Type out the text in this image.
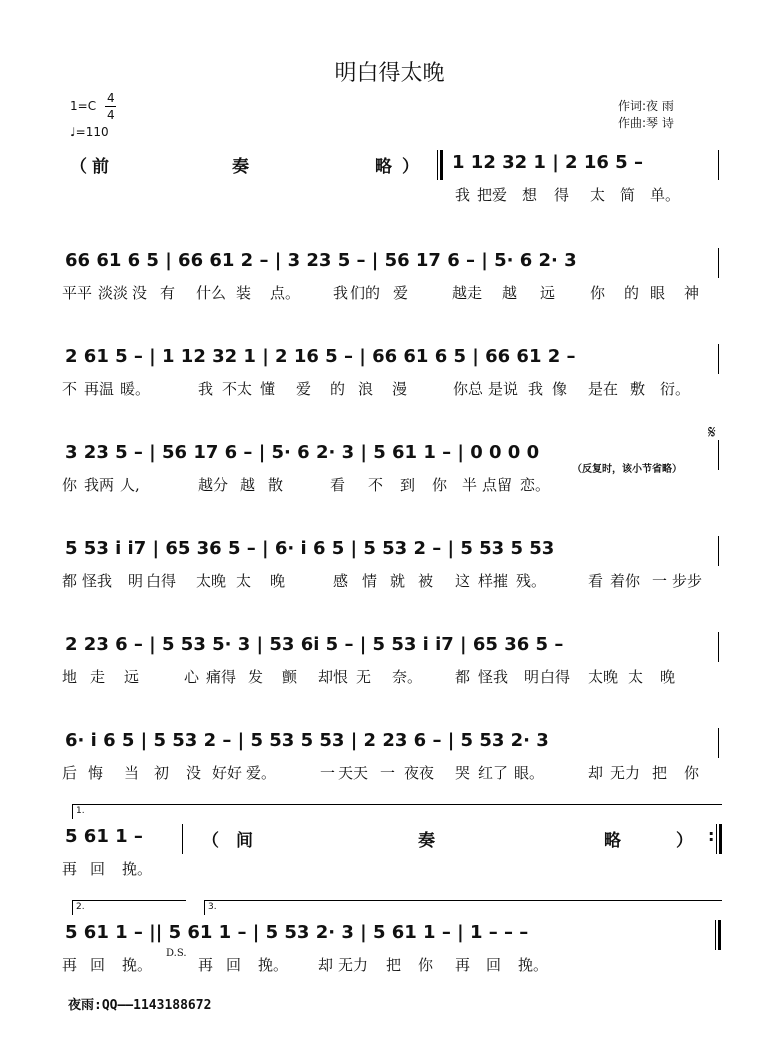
明白得太晚
1=C
4
4
♩=110
作词:夜 雨
作曲:琴 诗
（ 前	奏	略 ） 1 12 32 1 | 2 16 5 –
我 把爱 想 得 太 简 单。
66 61 6 5 | 66 61 2 – | 3 23 5 – | 56 17 6 – | 5· 6 2· 3
平平 淡淡 没 有 什么 装 点。 我 们的 爱	越走 越 远 你 的 眼 神
2 61 5 – | 1 12 32 1 | 2 16 5 – | 66 61 6 5 | 66 61 2 –
不 再温 暖。	我 不太 懂 爱 的 浪 漫	你总 是说 我 像 是在 敷 衍。
3 23 5 – | 56 17 6 – | 5· 6 2· 3 | 5 61 1 – | 0 0 0 0
𝄋
（反复时，该小节省略）
你 我两 人,	越分 越 散	看 不 到 你 半 点留 恋。
5 53 i i7 | 65 36 5 – | 6· i 6 5 | 5 53 2 – | 5 53 5 53
都 怪我 明 白得 太晚 太 晚	感 情 就 被 这 样摧 残。	看 着你 一 步步
2 23 6 – | 5 53 5· 3 | 53 6i 5 – | 5 53 i i7 | 65 36 5 –
地 走 远	心 痛得 发 颤 却恨 无 奈。 都 怪我 明 白得 太晚 太 晚
6· i 6 5 | 5 53 2 – | 5 53 5 53 | 2 23 6 – | 5 53 2· 3
后 悔 当 初 没 好好 爱。	一 天天 一 夜夜 哭 红了 眼。	却 无力 把 你
1.
5 61 1 –	（ 间	奏	略	） :
再 回 挽。
2.	3.
5 61 1 – || 5 61 1 – | 5 53 2· 3 | 5 61 1 – | 1 – – –
D.S.
再 回 挽。	再 回 挽。 却 无力 把 你 再 回 挽。
夜雨:QQ——1143188672
